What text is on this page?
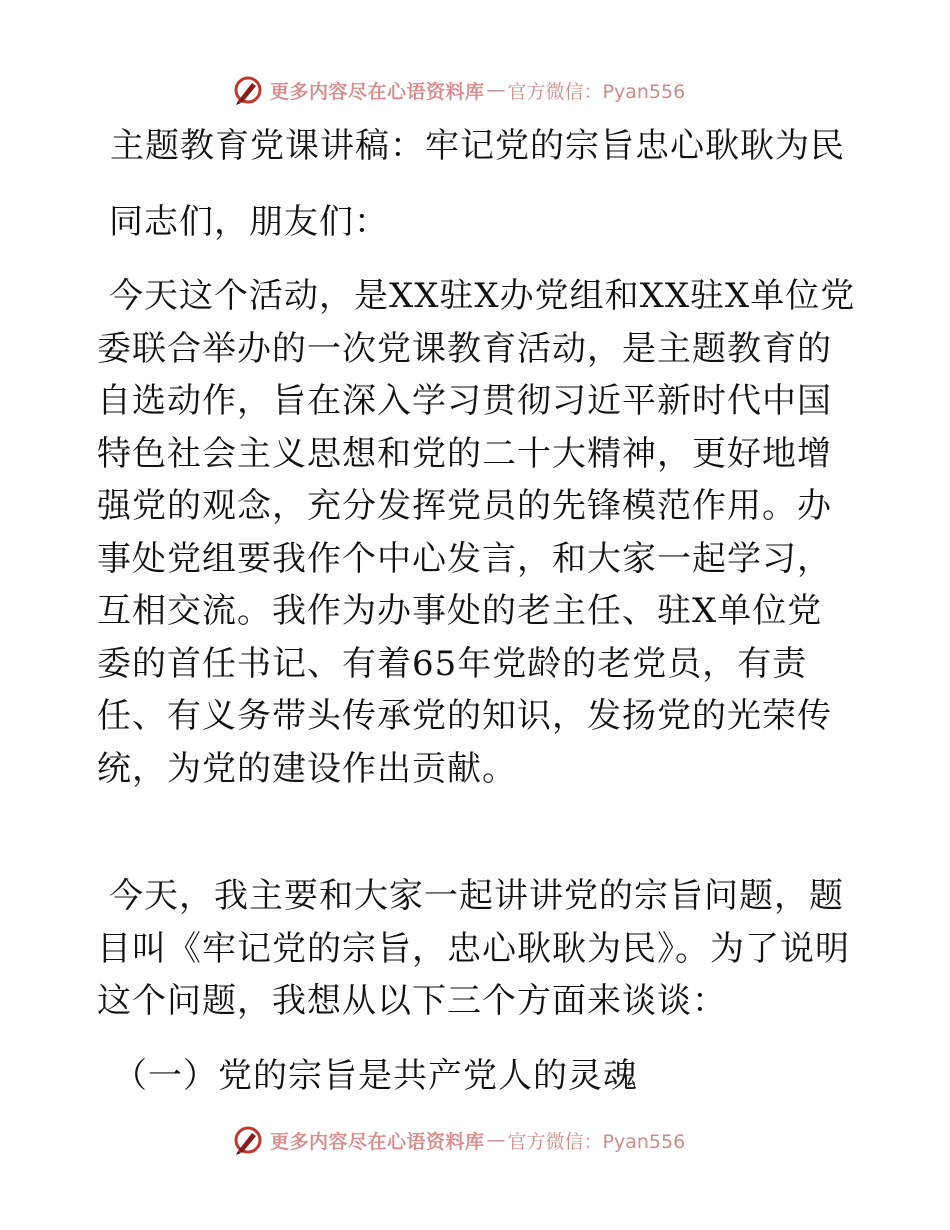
更多内容尽在心语资料库 — 官方微信：Pyan556
主题教育党课讲稿：牢记党的宗旨忠心耿耿为民

同志们，朋友们：

今天这个活动，是XX驻X办党组和XX驻X单位党委联合举办的一次党课教育活动，是主题教育的自选动作，旨在深入学习贯彻习近平新时代中国特色社会主义思想和党的二十大精神，更好地增强党的观念，充分发挥党员的先锋模范作用。办事处党组要我作个中心发言，和大家一起学习，互相交流。我作为办事处的老主任、驻X单位党委的首任书记、有着65年党龄的老党员，有责任、有义务带头传承党的知识，发扬党的光荣传统，为党的建设作出贡献。

今天，我主要和大家一起讲讲党的宗旨问题，题目叫《牢记党的宗旨，忠心耿耿为民》。为了说明这个问题，我想从以下三个方面来谈谈：

（一）党的宗旨是共产党人的灵魂

更多内容尽在心语资料库 — 官方微信：Pyan556
